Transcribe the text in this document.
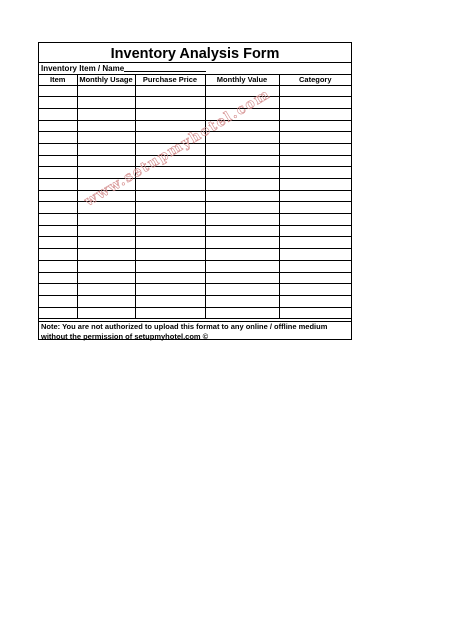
Inventory Analysis Form
Inventory Item / Name
Item	Monthly Usage	Purchase Price	Monthly Value	Category

Note: You are not authorized to upload this format to any online / offline medium
without the permission of setupmyhotel.com ©
www.setupmyhotel.com
